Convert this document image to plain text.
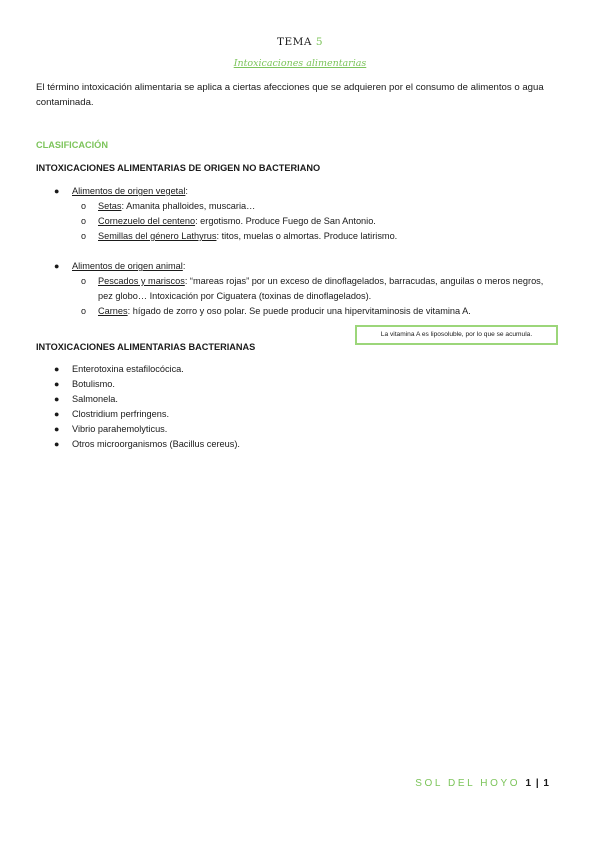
TEMA 5
Intoxicaciones alimentarias
El término intoxicación alimentaria se aplica a ciertas afecciones que se adquieren por el consumo de alimentos o agua contaminada.
CLASIFICACIÓN
INTOXICACIONES ALIMENTARIAS DE ORIGEN NO BACTERIANO
● Alimentos de origen vegetal:
o Setas: Amanita phalloides, muscaria…
o Cornezuelo del centeno: ergotismo. Produce Fuego de San Antonio.
o Semillas del género Lathyrus: titos, muelas o almortas. Produce latirismo.
● Alimentos de origen animal:
o Pescados y mariscos: “mareas rojas” por un exceso de dinoflagelados, barracudas, anguilas o meros negros, pez globo… Intoxicación por Ciguatera (toxinas de dinoflagelados).
o Carnes: hígado de zorro y oso polar. Se puede producir una hipervitaminosis de vitamina A.
La vitamina A es liposoluble, por lo que se acumula.
INTOXICACIONES ALIMENTARIAS BACTERIANAS
● Enterotoxina estafilocócica.
● Botulismo.
● Salmonela.
● Clostridium perfringens.
● Vibrio parahemolyticus.
● Otros microorganismos (Bacillus cereus).
SOL DEL HOYO 1 | 1
